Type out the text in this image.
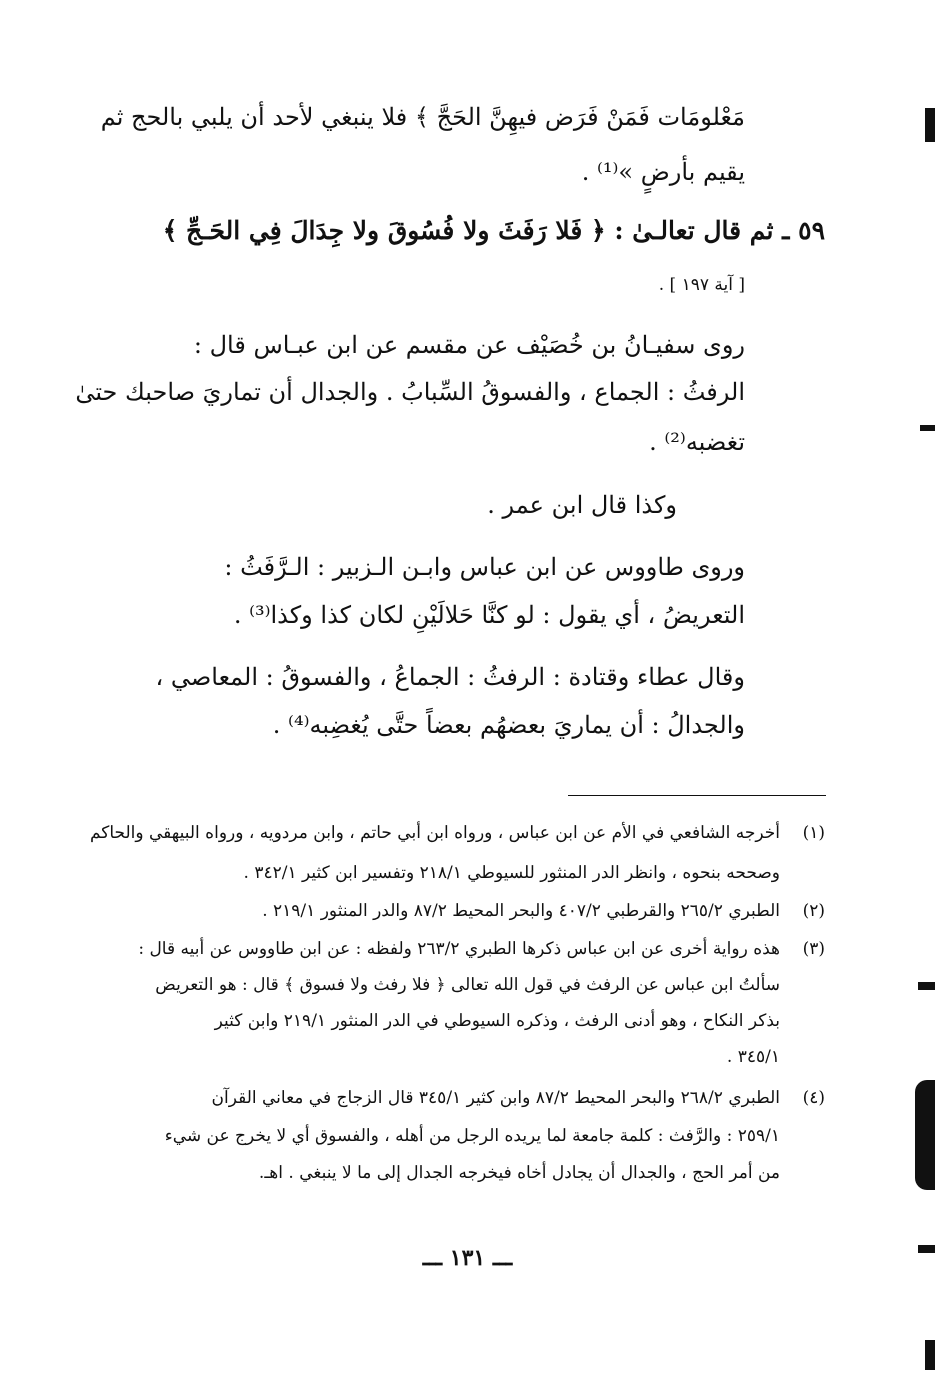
مَعْلومَات فَمَنْ فَرَض فيهِنَّ الحَجَّ ﴾ فلا ينبغي لأحد أن يلبي بالحج ثم
يقيم بأرضٍ »⁽¹⁾ .
٥٩ ـ ثم قال تعالـىٰ : ﴿ فَلا رَفَثَ ولا فُسُوقَ ولا جِدَالَ فِي الحَـجِّ ﴾
[ آية ١٩٧ ] .
روى سفيـانُ بن خُصَيْف عن مقسم عن ابن عبـاس قال :
الرفثُ : الجماع ، والفسوقُ السِّبابُ . والجدال أن تماريَ صاحبك حتىٰ
تغضبه⁽²⁾ .
وكذا قال ابن عمر .
وروى طاووس عن ابن عباس وابـن الـزبير : الـرَّفَثُ :
التعريضُ ، أي يقول : لو كنَّا حَلالَيْنِ لكان كذا وكذا⁽³⁾ .
وقال عطاء وقتادة : الرفثُ : الجماعُ ، والفسوقُ : المعاصي ،
والجدالُ : أن يماريَ بعضهُم بعضاً حتَّى يُغضِبه⁽⁴⁾ .
(١)
أخرجه الشافعي في الأم عن ابن عباس ، ورواه ابن أبي حاتم ، وابن مردويه ، ورواه البيهقي والحاكم
وصححه بنحوه ، وانظر الدر المنثور للسيوطي ٢١٨/١ وتفسير ابن كثير ٣٤٢/١ .
(٢)
الطبري ٢٦٥/٢ والقرطبي ٤٠٧/٢ والبحر المحيط ٨٧/٢ والدر المنثور ٢١٩/١ .
(٣)
هذه رواية أخرى عن ابن عباس ذكرها الطبري ٢٦٣/٢ ولفظه : عن ابن طاووس عن أبيه قال :
سألتُ ابن عباس عن الرفث في قول الله تعالى ﴿ فلا رفث ولا فسوق ﴾ قال : هو التعريض
بذكر النكاح ، وهو أدنى الرفث ، وذكره السيوطي في الدر المنثور ٢١٩/١ وابن كثير
٣٤٥/١ .
(٤)
الطبري ٢٦٨/٢ والبحر المحيط ٨٧/٢ وابن كثير ٣٤٥/١ قال الزجاج في معاني القرآن
٢٥٩/١ : والرَّفث : كلمة جامعة لما يريده الرجل من أهله ، والفسوق أي لا يخرج عن شيء
من أمر الحج ، والجدال أن يجادل أخاه فيخرجه الجدال إلى ما لا ينبغي . اهـ.
ـــ ١٣١ ـــ
